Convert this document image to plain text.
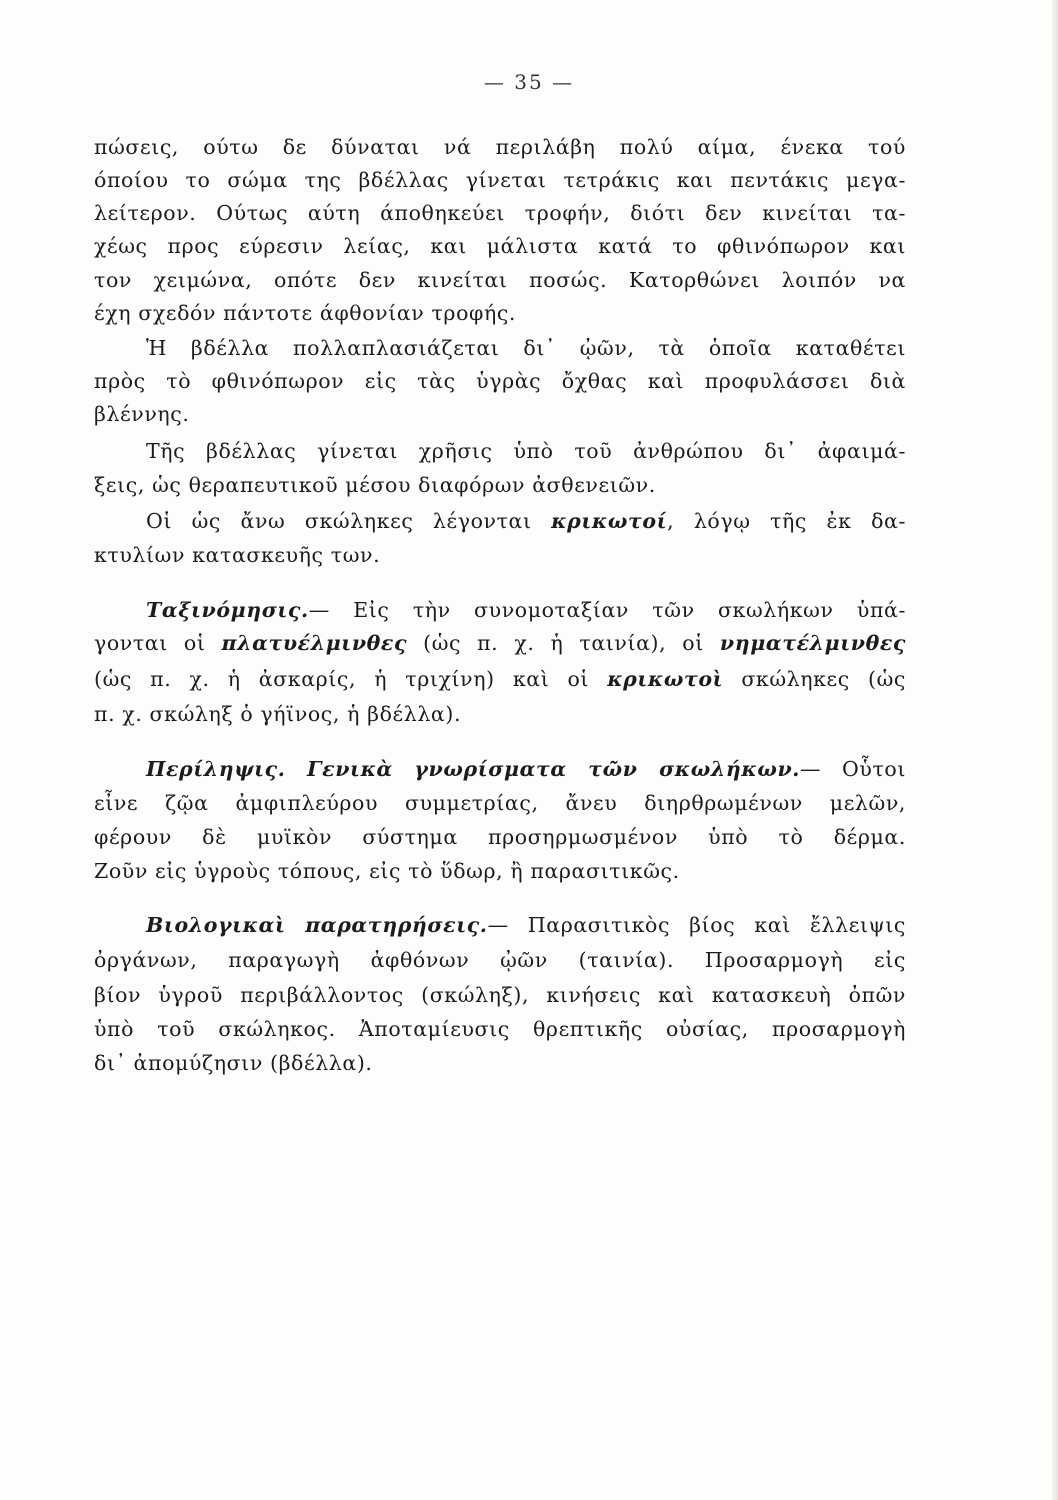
— 35 —
πώσεις, ούτω δε δύναται νά περιλάβη πολύ αίμα, ένεκα τού
όποίου το σώμα της βδέλλας γίνεται τετράκις και πεντάκις μεγα-
λείτερον. Ούτως αύτη άποθηκεύει τροφήν, διότι δεν κινείται τα-
χέως προς εύρεσιν λείας, και μάλιστα κατά το φθινόπωρον και
τον χειμώνα, οπότε δεν κινείται ποσώς. Κατορθώνει λοιπόν να
έχη σχεδόν πάντοτε άφθονίαν τροφής.
Ἡ βδέλλα πολλαπλασιάζεται δι᾽ ᾠῶν, τὰ ὁποῖα καταθέτει
πρὸς τὸ φθινόπωρον εἰς τὰς ὑγρὰς ὄχθας καὶ προφυλάσσει διὰ
βλέννης.
Τῆς βδέλλας γίνεται χρῆσις ὑπὸ τοῦ ἀνθρώπου δι᾽ ἀφαιμά-
ξεις, ὡς θεραπευτικοῦ μέσου διαφόρων ἀσθενειῶν.
Οἱ ὡς ἄνω σκώληκες λέγονται κρικωτοί, λόγῳ τῆς ἐκ δα-
κτυλίων κατασκευῆς των.
Ταξινόμησις.— Εἰς τὴν συνομοταξίαν τῶν σκωλήκων ὑπά-
γονται οἱ πλατυέλμινθες (ὡς π. χ. ἡ ταινία), οἱ νηματέλμινθες
(ὡς π. χ. ἡ ἀσκαρίς, ἡ τριχίνη) καὶ οἱ κρικωτοὶ σκώληκες (ὡς
π. χ. σκώληξ ὁ γήϊνος, ἡ βδέλλα).
Περίληψις. Γενικὰ γνωρίσματα τῶν σκωλήκων.— Οὗτοι
εἶνε ζῷα ἀμφιπλεύρου συμμετρίας, ἄνευ διηρθρωμένων μελῶν,
φέρουν δὲ μυϊκὸν σύστημα προσηρμωσμένον ὑπὸ τὸ δέρμα.
Ζοῦν εἰς ὑγροὺς τόπους, εἰς τὸ ὕδωρ, ἢ παρασιτικῶς.
Βιολογικαὶ παρατηρήσεις.— Παρασιτικὸς βίος καὶ ἔλλειψις
ὀργάνων, παραγωγὴ ἀφθόνων ᾠῶν (ταινία). Προσαρμογὴ εἰς
βίον ὑγροῦ περιβάλλοντος (σκώληξ), κινήσεις καὶ κατασκευὴ ὀπῶν
ὑπὸ τοῦ σκώληκος. Ἀποταμίευσις θρεπτικῆς οὐσίας, προσαρμογὴ
δι᾽ ἀπομύζησιν (βδέλλα).
